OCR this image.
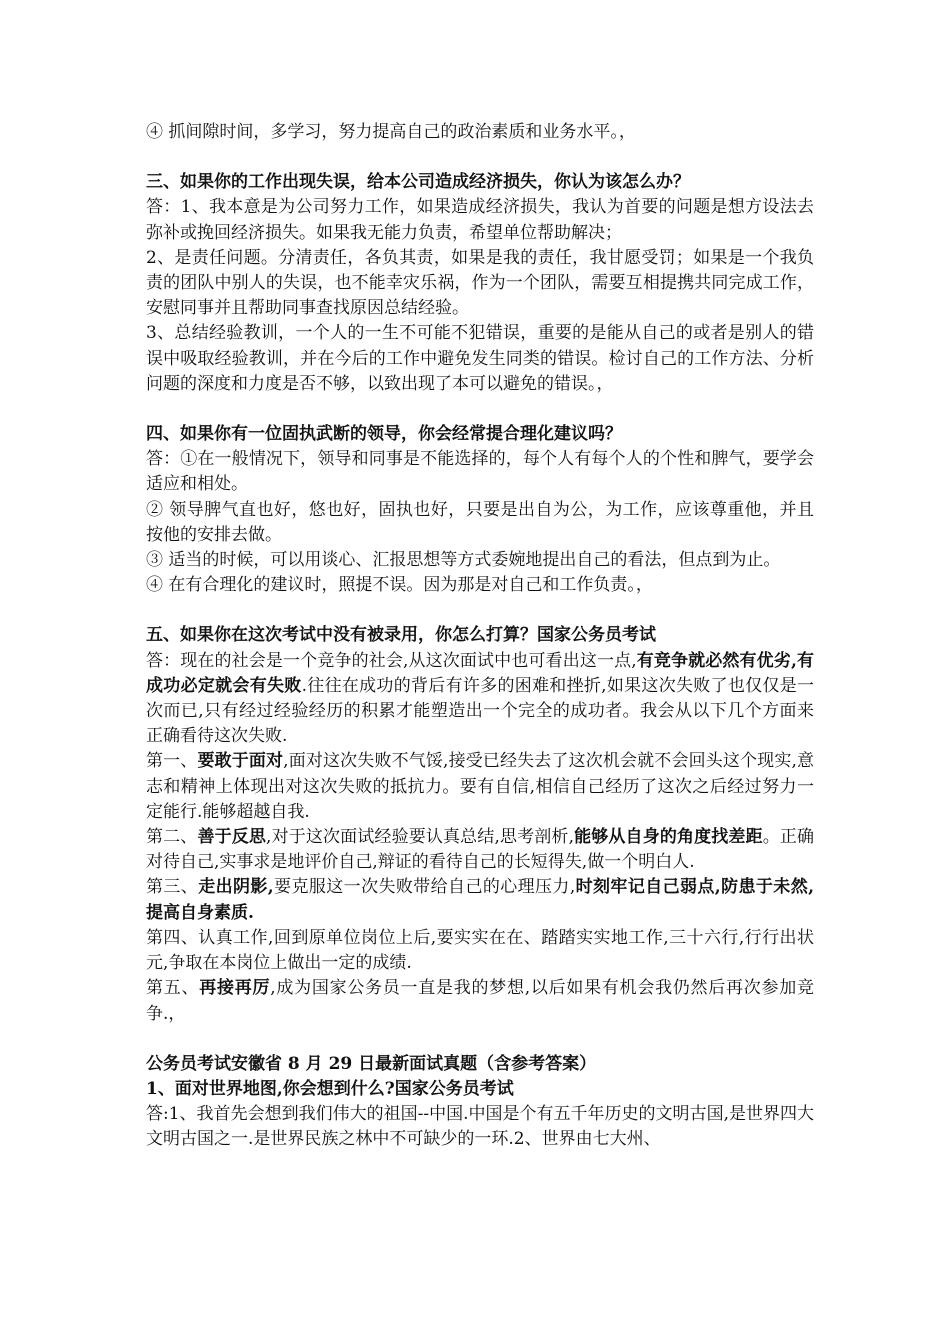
④ 抓间隙时间，多学习，努力提高自己的政治素质和业务水平。，

三、如果你的工作出现失误，给本公司造成经济损失，你认为该怎么办？

答：1、我本意是为公司努力工作，如果造成经济损失，我认为首要的问题是想方设法去弥补或挽回经济损失。如果我无能力负责，希望单位帮助解决；

2、是责任问题。分清责任，各负其责，如果是我的责任，我甘愿受罚；如果是一个我负责的团队中别人的失误，也不能幸灾乐祸，作为一个团队，需要互相提携共同完成工作，安慰同事并且帮助同事查找原因总结经验。

3、总结经验教训，一个人的一生不可能不犯错误，重要的是能从自己的或者是别人的错误中吸取经验教训，并在今后的工作中避免发生同类的错误。检讨自己的工作方法、分析问题的深度和力度是否不够，以致出现了本可以避免的错误。，

四、如果你有一位固执武断的领导，你会经常提合理化建议吗？

答：①在一般情况下，领导和同事是不能选择的，每个人有每个人的个性和脾气，要学会适应和相处。

② 领导脾气直也好，悠也好，固执也好，只要是出自为公，为工作，应该尊重他，并且按他的安排去做。

③ 适当的时候，可以用谈心、汇报思想等方式委婉地提出自己的看法，但点到为止。

④ 在有合理化的建议时，照提不误。因为那是对自己和工作负责。，

五、如果你在这次考试中没有被录用，你怎么打算？国家公务员考试

答：现在的社会是一个竞争的社会,从这次面试中也可看出这一点,有竞争就必然有优劣,有成功必定就会有失败.往往在成功的背后有许多的困难和挫折,如果这次失败了也仅仅是一次而已,只有经过经验经历的积累才能塑造出一个完全的成功者。我会从以下几个方面来正确看待这次失败.

第一、要敢于面对,面对这次失败不气馁,接受已经失去了这次机会就不会回头这个现实,意志和精神上体现出对这次失败的抵抗力。要有自信,相信自己经历了这次之后经过努力一定能行.能够超越自我.

第二、善于反思,对于这次面试经验要认真总结,思考剖析,能够从自身的角度找差距。正确对待自己,实事求是地评价自己,辩证的看待自己的长短得失,做一个明白人.

第三、走出阴影,要克服这一次失败带给自己的心理压力,时刻牢记自己弱点,防患于未然,提高自身素质.

第四、认真工作,回到原单位岗位上后,要实实在在、踏踏实实地工作,三十六行,行行出状元,争取在本岗位上做出一定的成绩.

第五、再接再厉,成为国家公务员一直是我的梦想,以后如果有机会我仍然后再次参加竞争.，

公务员考试安徽省 8 月 29 日最新面试真题（含参考答案）

1、面对世界地图,你会想到什么?国家公务员考试

答:1、我首先会想到我们伟大的祖国--中国.中国是个有五千年历史的文明古国,是世界四大文明古国之一.是世界民族之林中不可缺少的一环.2、世界由七大州、
